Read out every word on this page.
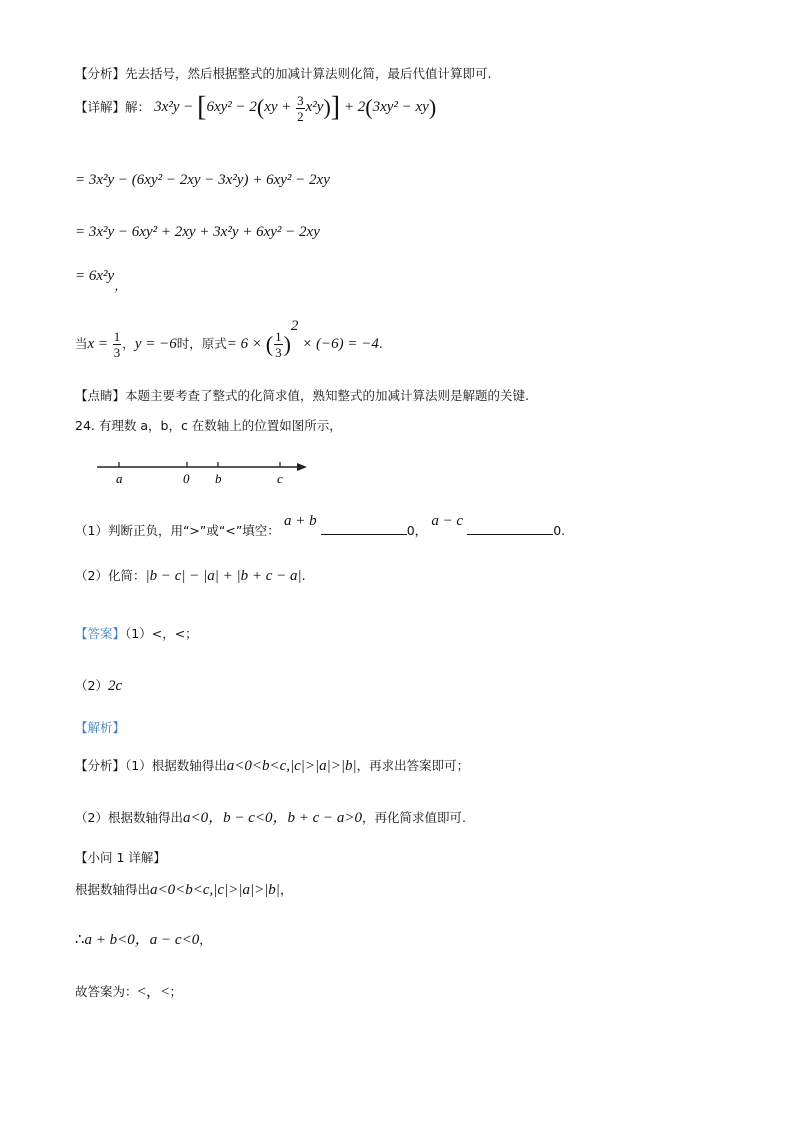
【分析】先去括号，然后根据整式的加减计算法则化简，最后代值计算即可.
【详解】解： $3x^2y - [6xy^2 - 2(xy + \frac{3}{2} x^2y)] + 2(3xy^2 - xy)$
= 3x²y − (6xy² − 2xy − 3x²y) + 6xy² − 2xy
= 3x²y − 6xy² + 2xy + 3x²y + 6xy² − 2xy
= $6x^2y_,$
当$x = \frac{1}{3}$ ，y = −6时，原式= 6 × ( $\frac{1}{3} )^2 \times (-6) = -4$.
【点睛】本题主要考查了整式的化简求值，熟知整式的加减计算法则是解题的关键.
24. 有理数 a，b，c 在数轴上的位置如图所示，
a	0 b	c
（1）判断正负，用“>”或“<”填空： a + b 0， a − c 0.
（2）化简：|b − c| − |a| + |b + c − a|.
【答案】（1）<，<；
（2）2c
【解析】
【分析】（1）根据数轴得出a<0<b<c,|c|>|a|>|b|，再求出答案即可；
（2）根据数轴得出a<0，b − c<0，b + c − a>0，再化简求值即可.
【小问 1 详解】
根据数轴得出a<0<b<c,|c|>|a|>|b|，
∴a + b<0，a − c<0，
故答案为：<，<；
